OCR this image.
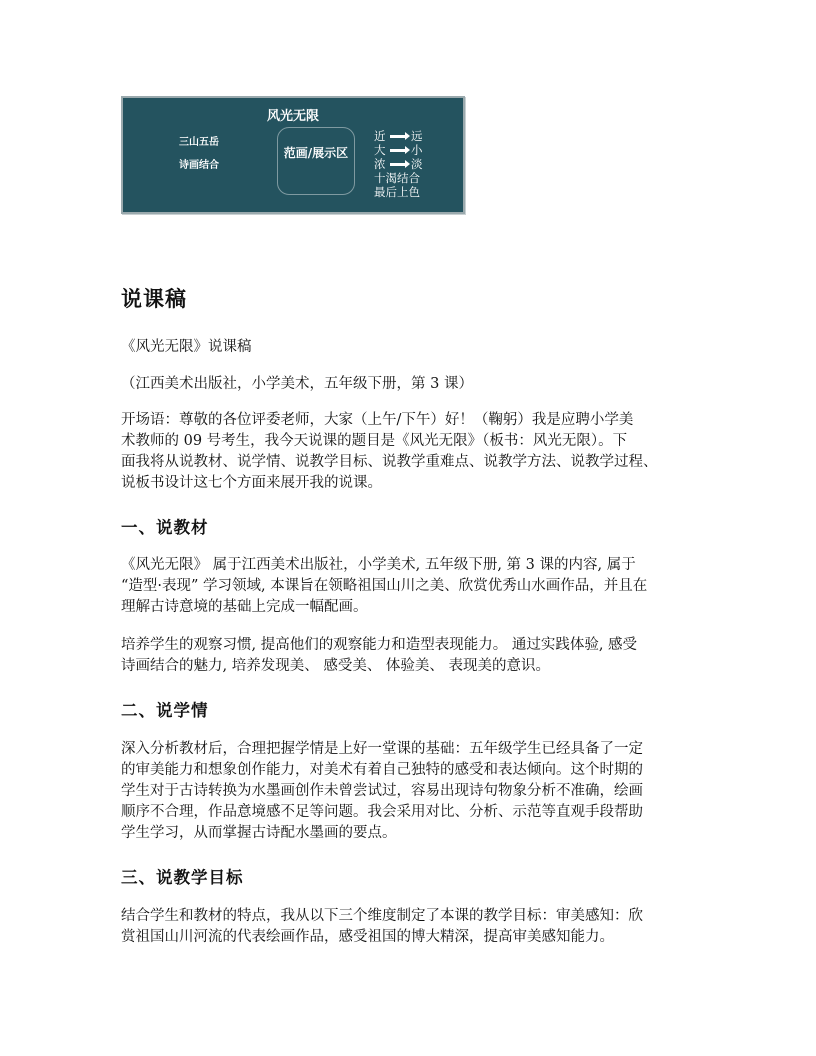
风光无限
三山五岳
诗画结合
范画/展示区
近 远
大 小
浓 淡
十渴结合
最后上色
说课稿
《风光无限》说课稿
（江西美术出版社，小学美术，五年级下册，第 3 课）
开场语：尊敬的各位评委老师，大家（上午/下午）好！（鞠躬）我是应聘小学美
术教师的 09 号考生，我今天说课的题目是《风光无限》（板书：风光无限）。下
面我将从说教材、说学情、说教学目标、说教学重难点、说教学方法、说教学过程、
说板书设计这七个方面来展开我的说课。
一、说教材
《风光无限》 属于江西美术出版社，小学美术, 五年级下册, 第 3 课的内容, 属于
“造型·表现” 学习领域, 本课旨在领略祖国山川之美、欣赏优秀山水画作品，并且在
理解古诗意境的基础上完成一幅配画。
培养学生的观察习惯, 提高他们的观察能力和造型表现能力。 通过实践体验, 感受
诗画结合的魅力, 培养发现美、 感受美、 体验美、 表现美的意识。
二、说学情
深入分析教材后，合理把握学情是上好一堂课的基础：五年级学生已经具备了一定
的审美能力和想象创作能力，对美术有着自己独特的感受和表达倾向。这个时期的
学生对于古诗转换为水墨画创作未曾尝试过，容易出现诗句物象分析不准确，绘画
顺序不合理，作品意境感不足等问题。我会采用对比、分析、示范等直观手段帮助
学生学习，从而掌握古诗配水墨画的要点。
三、说教学目标
结合学生和教材的特点，我从以下三个维度制定了本课的教学目标：审美感知：欣
赏祖国山川河流的代表绘画作品，感受祖国的博大精深，提高审美感知能力。
